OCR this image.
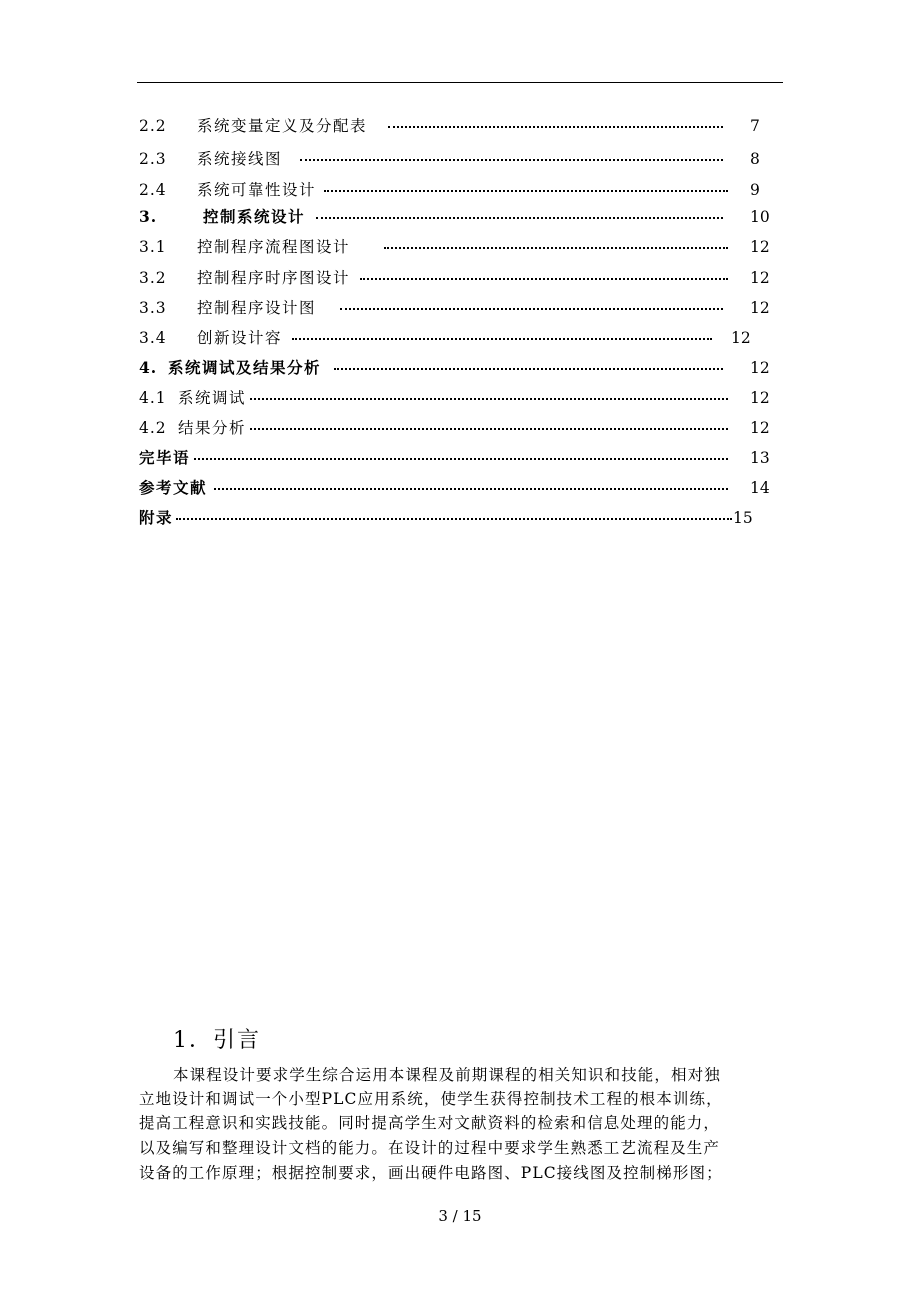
2.2 系统变量定义及分配表	7
2.3 系统接线图	8
2.4 系统可靠性设计	9
3.	控制系统设计	10
3.1 控制程序流程图设计	12
3.2 控制程序时序图设计	12
3.3 控制程序设计图	12
3.4 创新设计容	12
4. 系统调试及结果分析	12
4.1 系统调试	12
4.2 结果分析	12
完毕语	13
参考文献	14
附录	15
1．引言
本课程设计要求学生综合运用本课程及前期课程的相关知识和技能，相对独
立地设计和调试一个小型PLC应用系统，使学生获得控制技术工程的根本训练，
提高工程意识和实践技能。同时提高学生对文献资料的检索和信息处理的能力，
以及编写和整理设计文档的能力。在设计的过程中要求学生熟悉工艺流程及生产
设备的工作原理；根据控制要求，画出硬件电路图、PLC接线图及控制梯形图；
3 / 15
